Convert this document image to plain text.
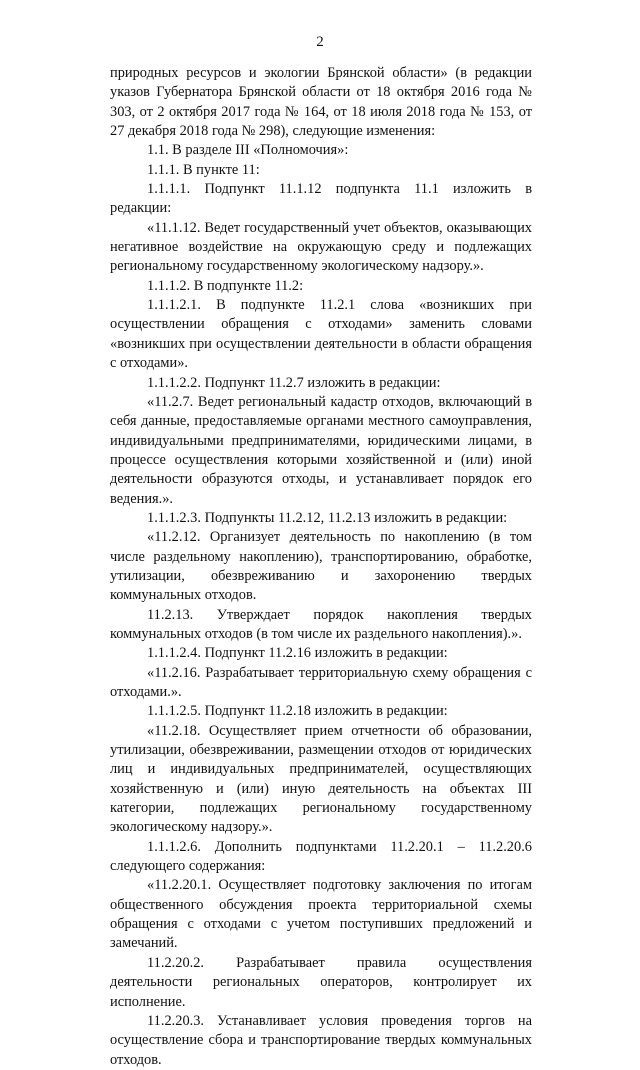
2

природных ресурсов и экологии Брянской области» (в редакции указов Губернатора Брянской области от 18 октября 2016 года № 303, от 2 октября 2017 года № 164, от 18 июля 2018 года № 153, от 27 декабря 2018 года № 298), следующие изменения:

1.1. В разделе III «Полномочия»:

1.1.1. В пункте 11:

1.1.1.1. Подпункт 11.1.12 подпункта 11.1 изложить в редакции:

«11.1.12. Ведет государственный учет объектов, оказывающих негативное воздействие на окружающую среду и подлежащих региональному государственному экологическому надзору.».

1.1.1.2. В подпункте 11.2:

1.1.1.2.1. В подпункте 11.2.1 слова «возникших при осуществлении обращения с отходами» заменить словами «возникших при осуществлении деятельности в области обращения с отходами».

1.1.1.2.2. Подпункт 11.2.7 изложить в редакции:

«11.2.7. Ведет региональный кадастр отходов, включающий в себя данные, предоставляемые органами местного самоуправления, индивидуальными предпринимателями, юридическими лицами, в процессе осуществления которыми хозяйственной и (или) иной деятельности образуются отходы, и устанавливает порядок его ведения.».

1.1.1.2.3. Подпункты 11.2.12, 11.2.13 изложить в редакции:

«11.2.12. Организует деятельность по накоплению (в том числе раздельному накоплению), транспортированию, обработке, утилизации, обезвреживанию и захоронению твердых коммунальных отходов.

11.2.13. Утверждает порядок накопления твердых коммунальных отходов (в том числе их раздельного накопления).».

1.1.1.2.4. Подпункт 11.2.16 изложить в редакции:

«11.2.16. Разрабатывает территориальную схему обращения с отходами.».

1.1.1.2.5. Подпункт 11.2.18 изложить в редакции:

«11.2.18. Осуществляет прием отчетности об образовании, утилизации, обезвреживании, размещении отходов от юридических лиц и индивидуальных предпринимателей, осуществляющих хозяйственную и (или) иную деятельность на объектах III категории, подлежащих региональному государственному экологическому надзору.».

1.1.1.2.6. Дополнить подпунктами 11.2.20.1 – 11.2.20.6 следующего содержания:

«11.2.20.1. Осуществляет подготовку заключения по итогам общественного обсуждения проекта территориальной схемы обращения с отходами с учетом поступивших предложений и замечаний.

11.2.20.2. Разрабатывает правила осуществления деятельности региональных операторов, контролирует их исполнение.

11.2.20.3. Устанавливает условия проведения торгов на осуществление сбора и транспортирование твердых коммунальных отходов.
